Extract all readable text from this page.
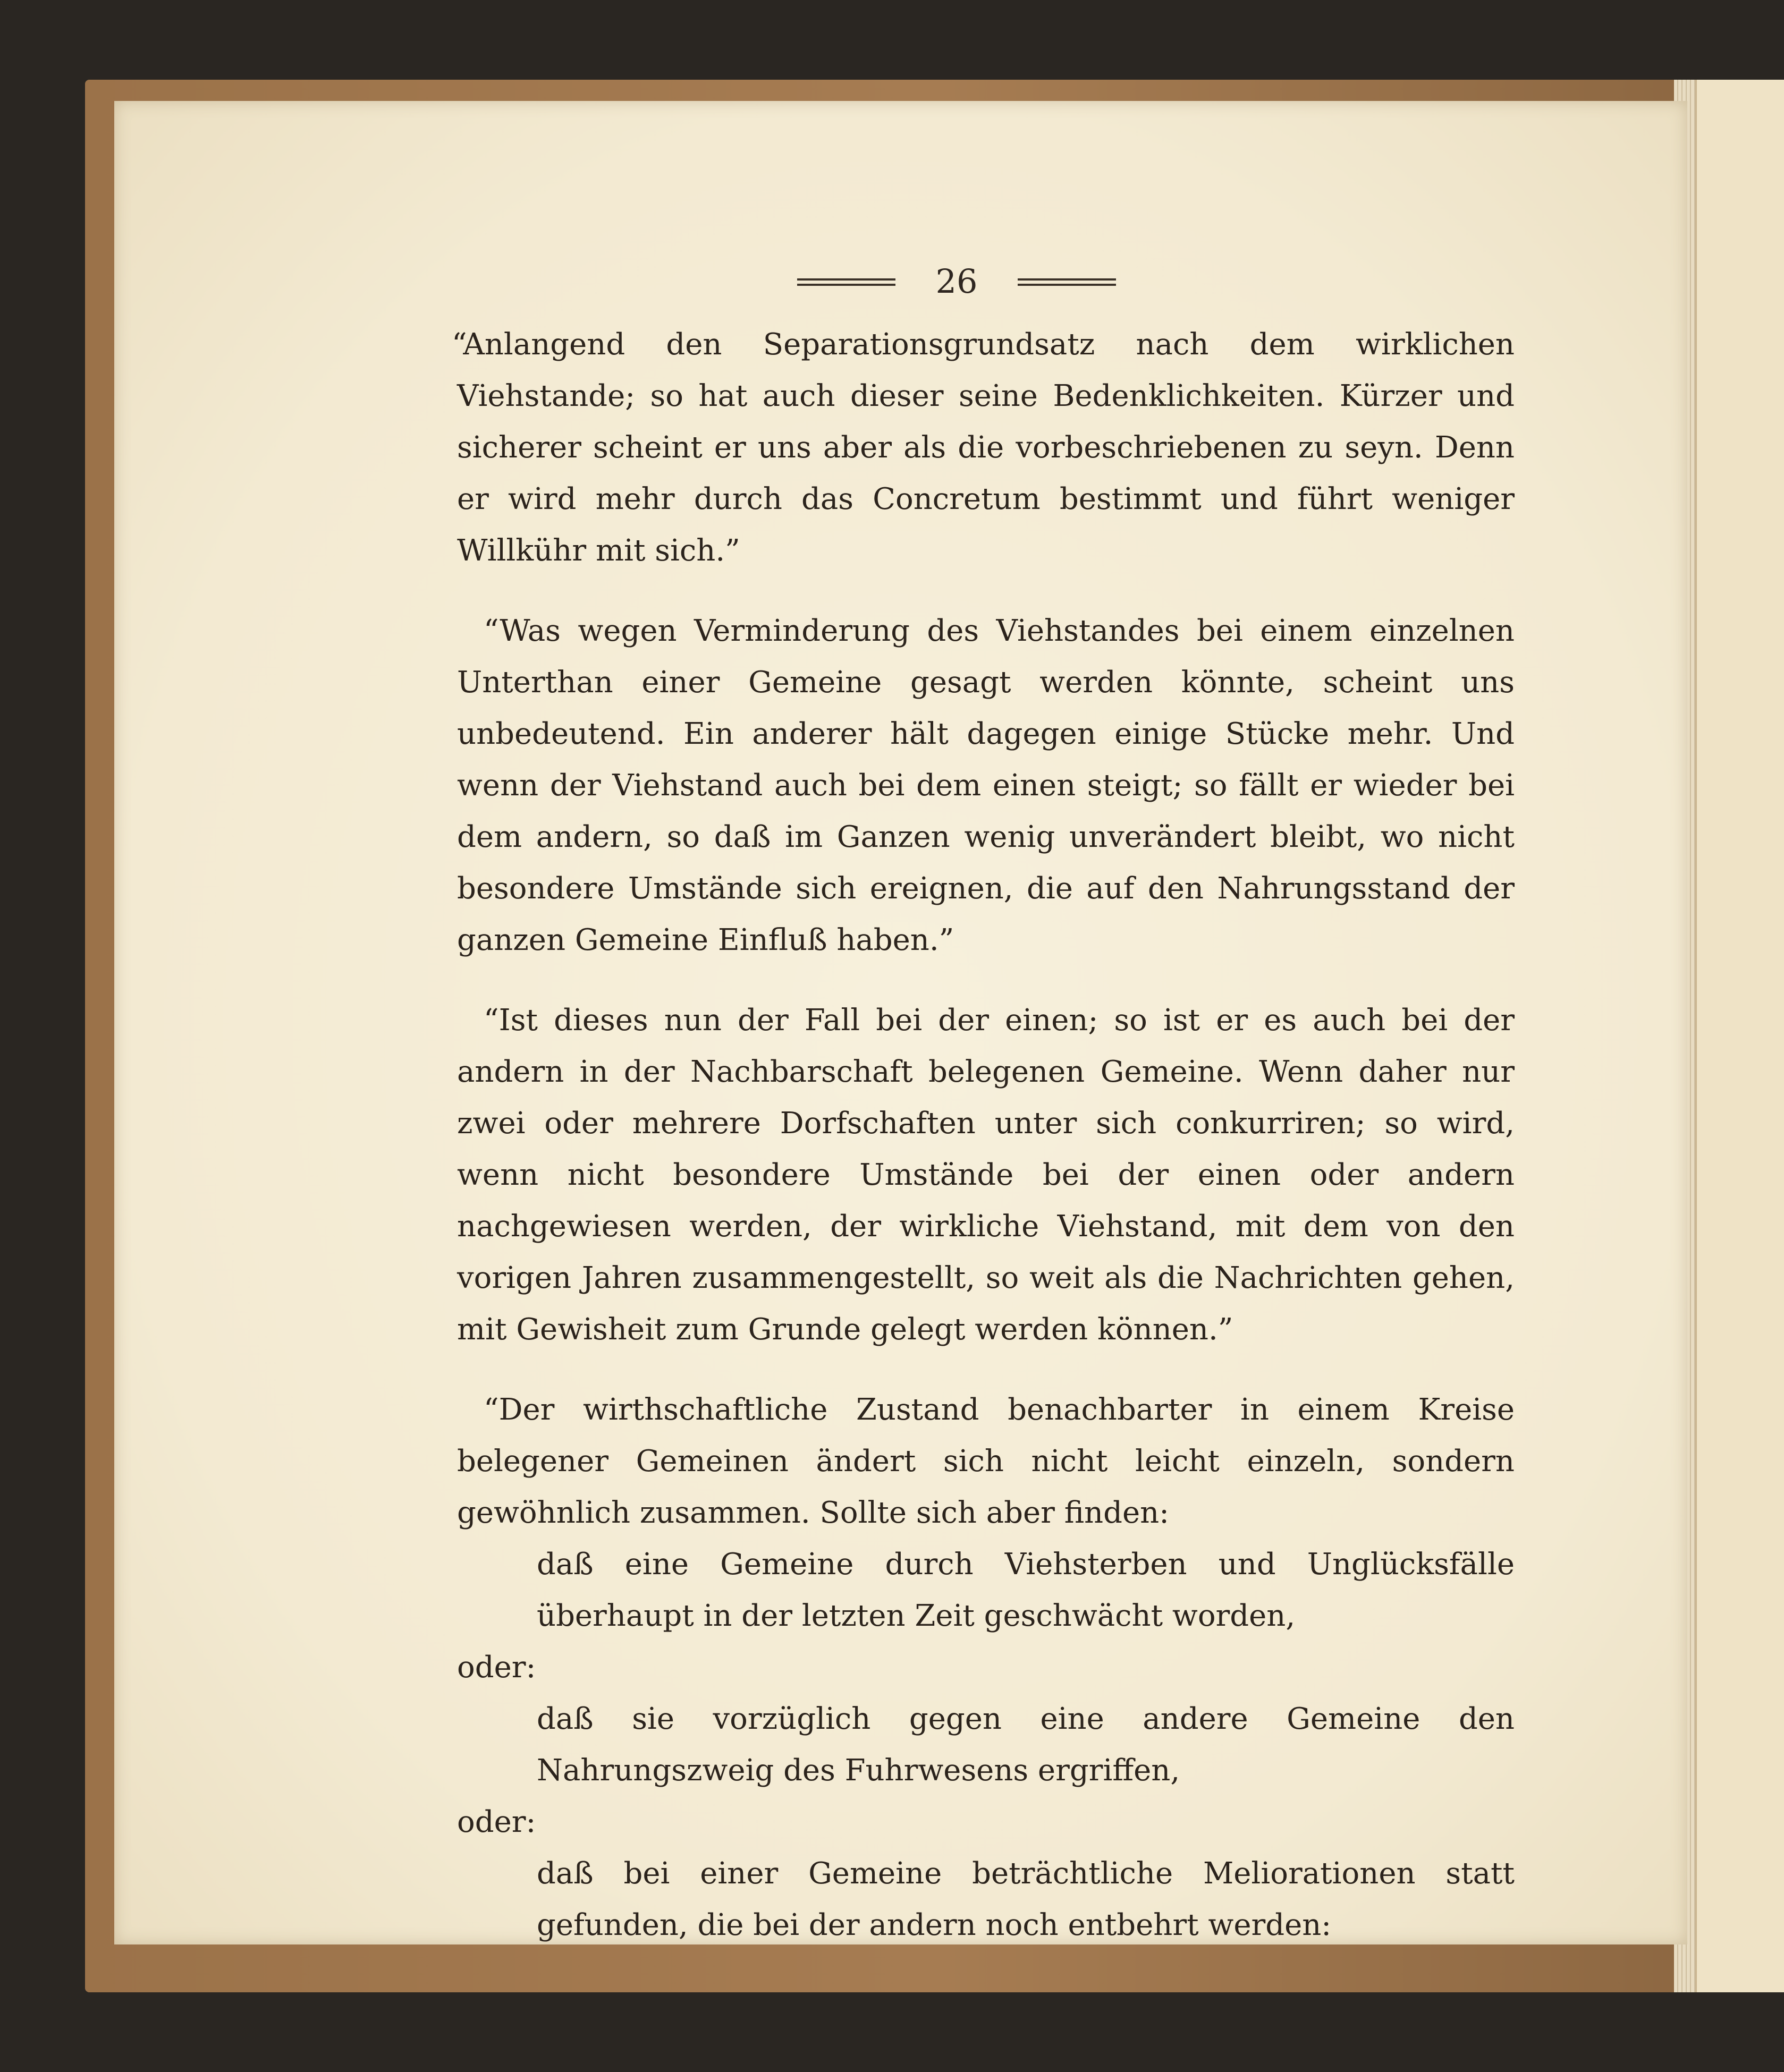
26

“Anlangend den Separationsgrundsatz nach dem wirklichen Viehstande; so hat auch dieser seine Bedenklichkeiten. Kürzer und sicherer scheint er uns aber als die vorbeschriebenen zu seyn. Denn er wird mehr durch das Concretum bestimmt und führt weniger Willkühr mit sich.”

“Was wegen Verminderung des Viehstandes bei einem einzelnen Unterthan einer Gemeine gesagt werden könnte, scheint uns unbedeutend. Ein anderer hält dagegen einige Stücke mehr. Und wenn der Viehstand auch bei dem einen steigt; so fällt er wieder bei dem andern, so daß im Ganzen wenig unverändert bleibt, wo nicht besondere Umstände sich ereignen, die auf den Nahrungsstand der ganzen Gemeine Einfluß haben.”

“Ist dieses nun der Fall bei der einen; so ist er es auch bei der andern in der Nachbarschaft belegenen Gemeine. Wenn daher nur zwei oder mehrere Dorfschaften unter sich conkurriren; so wird, wenn nicht besondere Umstände bei der einen oder andern nachgewiesen werden, der wirkliche Viehstand, mit dem von den vorigen Jahren zusammengestellt, so weit als die Nachrichten gehen, mit Gewisheit zum Grunde gelegt werden können.”

“Der wirthschaftliche Zustand benachbarter in einem Kreise belegener Gemeinen ändert sich nicht leicht einzeln, sondern gewöhnlich zusammen. Sollte sich aber finden:

daß eine Gemeine durch Viehsterben und Unglücksfälle überhaupt in der letzten Zeit geschwächt worden,

oder:

daß sie vorzüglich gegen eine andere Gemeine den Nahrungszweig des Fuhrwesens ergriffen,

oder:

daß bei einer Gemeine beträchtliche Meliorationen statt gefunden, die bei der andern noch entbehrt werden:
